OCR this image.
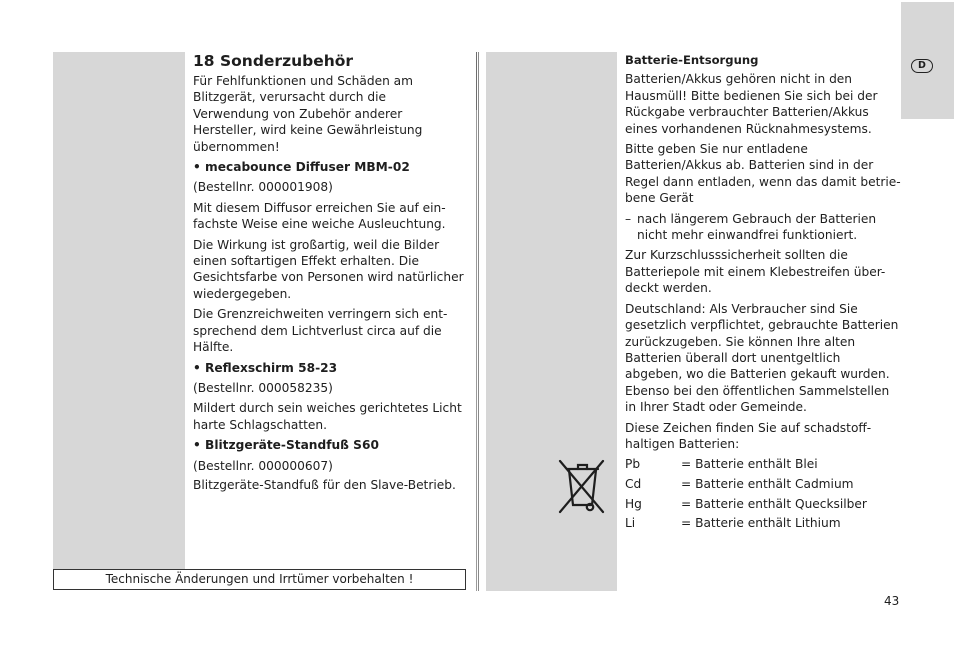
D
18 Sonderzubehör

Für Fehlfunktionen und Schäden am Blitzgerät, verursacht durch die Verwendung von Zubehör anderer Hersteller, wird keine Gewährleistung übernommen!

• mecabounce Diffuser MBM-02

(Bestellnr. 000001908)

Mit diesem Diffusor erreichen Sie auf ein-fachste Weise eine weiche Ausleuchtung.

Die Wirkung ist großartig, weil die Bilder einen softartigen Effekt erhalten. Die Gesichtsfarbe von Personen wird natürlicher wiedergegeben.

Die Grenzreichweiten verringern sich ent-sprechend dem Lichtverlust circa auf die Hälfte.

• Reflexschirm 58-23

(Bestellnr. 000058235)

Mildert durch sein weiches gerichtetes Licht harte Schlagschatten.

• Blitzgeräte-Standfuß S60

(Bestellnr. 000000607)

Blitzgeräte-Standfuß für den Slave-Betrieb.

Batterie-Entsorgung

Batterien/Akkus gehören nicht in den Hausmüll! Bitte bedienen Sie sich bei der Rückgabe verbrauchter Batterien/Akkus eines vorhandenen Rücknahmesystems.

Bitte geben Sie nur entladene Batterien/Akkus ab. Batterien sind in der Regel dann entladen, wenn das damit betrie-bene Gerät

– nach längerem Gebrauch der Batterien nicht mehr einwandfrei funktioniert.

Zur Kurzschlusssicherheit sollten die Batteriepole mit einem Klebestreifen über-deckt werden.

Deutschland: Als Verbraucher sind Sie gesetzlich verpflichtet, gebrauchte Batterien zurückzugeben. Sie können Ihre alten Batterien überall dort unentgeltlich abgeben, wo die Batterien gekauft wurden. Ebenso bei den öffentlichen Sammelstellen in Ihrer Stadt oder Gemeinde.

Diese Zeichen finden Sie auf schadstoff-haltigen Batterien:

Pb	= Batterie enthält Blei
Cd	= Batterie enthält Cadmium
Hg	= Batterie enthält Quecksilber
Li	= Batterie enthält Lithium
Technische Änderungen und Irrtümer vorbehalten !
43
